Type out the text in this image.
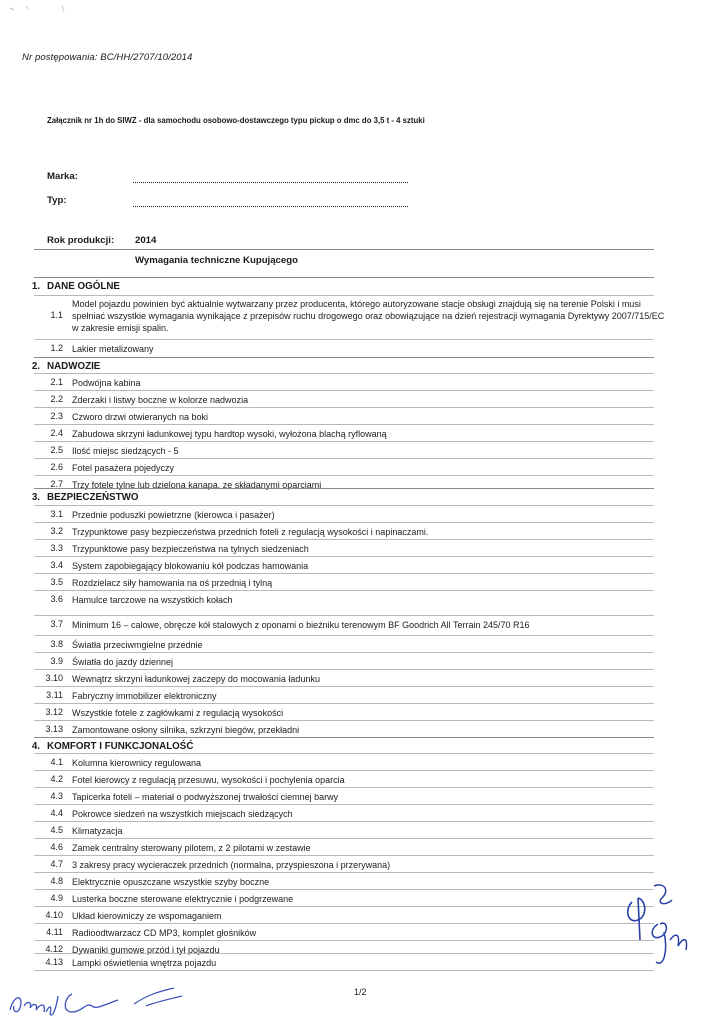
Nr postępowania: BC/HH/2707/10/2014
Załącznik nr 1h do SIWZ - dla samochodu osobowo-dostawczego typu pickup o dmc do 3,5 t - 4 sztuki
Marka:
Typ:
Rok produkcji: 2014
Wymagania techniczne Kupującego
1. DANE OGÓLNE
1.1
Model pojazdu powinien być aktualnie wytwarzany przez producenta, którego autoryzowane stacje obsługi znajdują się na terenie Polski i musi spełniać wszystkie wymagania wynikające z przepisów ruchu drogowego oraz obowiązujące na dzień rejestracji wymagania Dyrektywy 2007/715/EC w zakresie emisji spalin.
1.2 Lakier metalizowany
2. NADWOZIE
2.1 Podwójna kabina
2.2 Zderzaki i listwy boczne w kolorze nadwozia
2.3 Czworo drzwi otwieranych na boki
2.4 Zabudowa skrzyni ładunkowej typu hardtop wysoki, wyłożona blachą ryflowaną
2.5 Ilość miejsc siedzących - 5
2.6 Fotel pasażera pojedyczy
2.7 Trzy fotele tylne lub dzielona kanapa, ze składanymi oparciami
3. BEZPIECZEŃSTWO
3.1 Przednie poduszki powietrzne (kierowca i pasażer)
3.2 Trzypunktowe pasy bezpieczeństwa przednich foteli z regulacją wysokości i napinaczami.
3.3 Trzypunktowe pasy bezpieczeństwa na tylnych siedzeniach
3.4 System zapobiegający blokowaniu kół podczas hamowania
3.5 Rozdzielacz siły hamowania na oś przednią i tylną
3.6 Hamulce tarczowe na wszystkich kołach
3.7 Minimum 16 – calowe, obręcze kół stalowych z oponami o bieżniku terenowym BF Goodrich All Terrain 245/70 R16
3.8 Światła przeciwmgielne przednie
3.9 Światła do jazdy dziennej
3.10 Wewnątrz skrzyni ładunkowej zaczepy do mocowania ładunku
3.11 Fabryczny immobilizer elektroniczny
3.12 Wszystkie fotele z zagłówkami z regulacją wysokości
3.13 Zamontowane osłony silnika, szkrzyni biegów, przekładni
4. KOMFORT I FUNKCJONALOŚĆ
4.1 Kolumna kierownicy regulowana
4.2 Fotel kierowcy z regulacją przesuwu, wysokości i pochylenia oparcia
4.3 Tapicerka foteli – materiał o podwyższonej trwałości ciemnej barwy
4.4 Pokrowce siedzeń na wszystkich miejscach siedzących
4.5 Klimatyzacja
4.6 Zamek centralny sterowany pilotem, z 2 pilotami w zestawie
4.7 3 zakresy pracy wycieraczek przednich (normalna, przyspieszona i przerywana)
4.8 Elektrycznie opuszczane wszystkie szyby boczne
4.9 Lusterka boczne sterowane elektrycznie i podgrzewane
4.10 Układ kierowniczy ze wspomaganiem
4.11 Radioodtwarzacz CD MP3, komplet głośników
4.12 Dywaniki gumowe przód i tył pojazdu
4.13 Lampki oświetlenia wnętrza pojazdu
1/2
